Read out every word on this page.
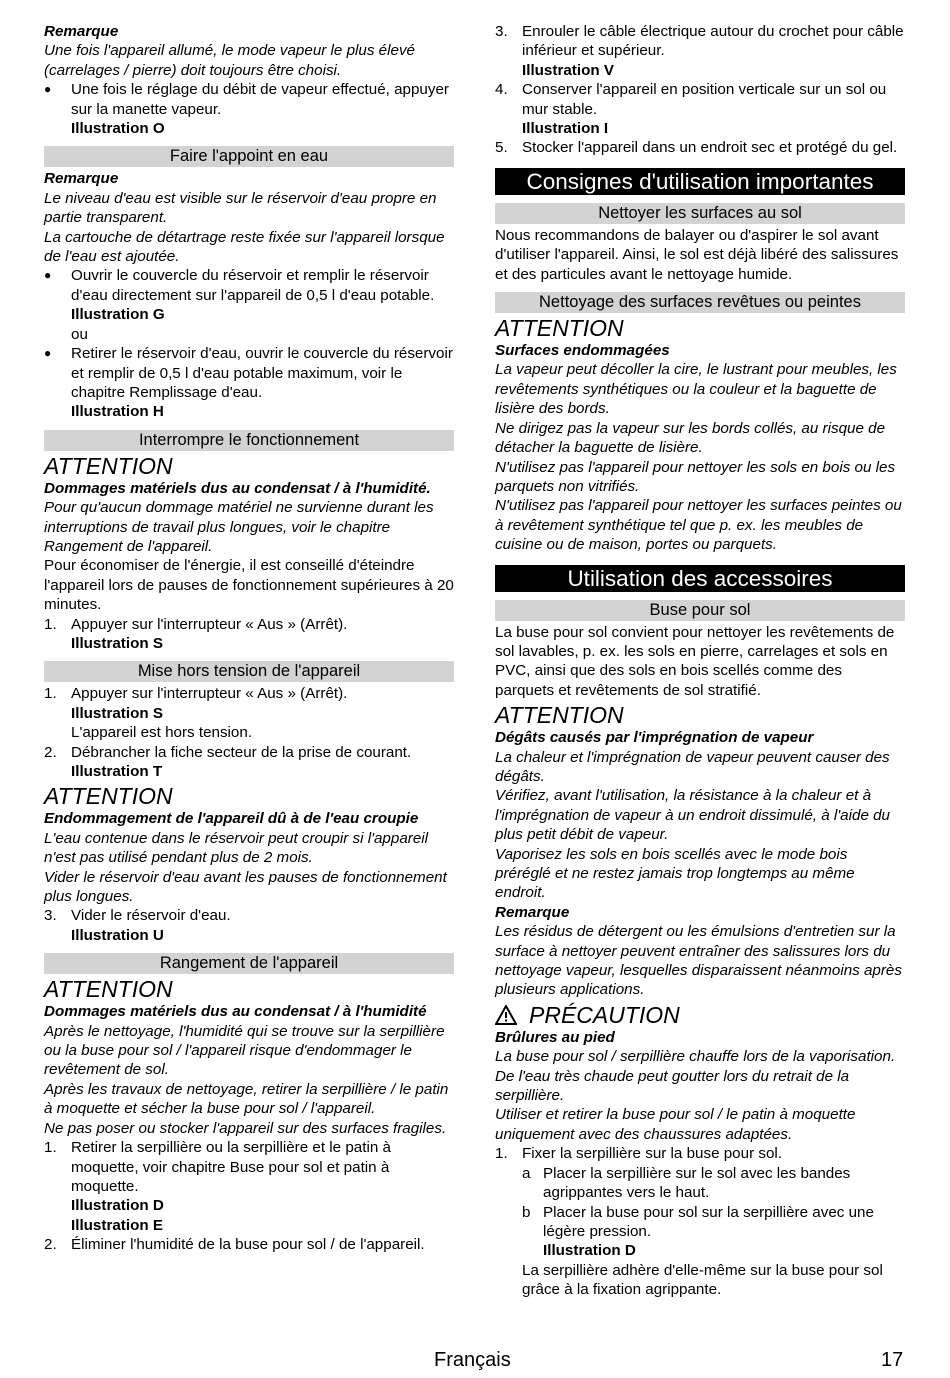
Remarque
Une fois l'appareil allumé, le mode vapeur le plus élevé (carrelages / pierre) doit toujours être choisi.
● Une fois le réglage du débit de vapeur effectué, appuyer sur la manette vapeur.
Illustration O
Faire l'appoint en eau
Remarque
Le niveau d'eau est visible sur le réservoir d'eau propre en partie transparent.
La cartouche de détartrage reste fixée sur l'appareil lorsque de l'eau est ajoutée.
● Ouvrir le couvercle du réservoir et remplir le réservoir d'eau directement sur l'appareil de 0,5 l d'eau potable.
Illustration G
ou
● Retirer le réservoir d'eau, ouvrir le couvercle du réservoir et remplir de 0,5 l d'eau potable maximum, voir le chapitre Remplissage d'eau.
Illustration H
Interrompre le fonctionnement
ATTENTION
Dommages matériels dus au condensat / à l'humidité.
Pour qu'aucun dommage matériel ne survienne durant les interruptions de travail plus longues, voir le chapitre Rangement de l'appareil.
Pour économiser de l'énergie, il est conseillé d'éteindre l'appareil lors de pauses de fonctionnement supérieures à 20 minutes.
1. Appuyer sur l'interrupteur « Aus » (Arrêt).
Illustration S
Mise hors tension de l'appareil
1. Appuyer sur l'interrupteur « Aus » (Arrêt).
Illustration S
L'appareil est hors tension.
2. Débrancher la fiche secteur de la prise de courant.
Illustration T
ATTENTION
Endommagement de l'appareil dû à de l'eau croupie
L'eau contenue dans le réservoir peut croupir si l'appareil n'est pas utilisé pendant plus de 2 mois.
Vider le réservoir d'eau avant les pauses de fonctionnement plus longues.
3. Vider le réservoir d'eau.
Illustration U
Rangement de l'appareil
ATTENTION
Dommages matériels dus au condensat / à l'humidité
Après le nettoyage, l'humidité qui se trouve sur la serpillière ou la buse pour sol / l'appareil risque d'endommager le revêtement de sol.
Après les travaux de nettoyage, retirer la serpillière / le patin à moquette et sécher la buse pour sol / l'appareil.
Ne pas poser ou stocker l'appareil sur des surfaces fragiles.
1. Retirer la serpillière ou la serpillière et le patin à moquette, voir chapitre Buse pour sol et patin à moquette.
Illustration D
Illustration E
2. Éliminer l'humidité de la buse pour sol / de l'appareil.
3. Enrouler le câble électrique autour du crochet pour câble inférieur et supérieur.
Illustration V
4. Conserver l'appareil en position verticale sur un sol ou mur stable.
Illustration I
5. Stocker l'appareil dans un endroit sec et protégé du gel.
Consignes d'utilisation importantes
Nettoyer les surfaces au sol
Nous recommandons de balayer ou d'aspirer le sol avant d'utiliser l'appareil. Ainsi, le sol est déjà libéré des salissures et des particules avant le nettoyage humide.
Nettoyage des surfaces revêtues ou peintes
ATTENTION
Surfaces endommagées
La vapeur peut décoller la cire, le lustrant pour meubles, les revêtements synthétiques ou la couleur et la baguette de lisière des bords.
Ne dirigez pas la vapeur sur les bords collés, au risque de détacher la baguette de lisière.
N'utilisez pas l'appareil pour nettoyer les sols en bois ou les parquets non vitrifiés.
N'utilisez pas l'appareil pour nettoyer les surfaces peintes ou à revêtement synthétique tel que p. ex. les meubles de cuisine ou de maison, portes ou parquets.
Utilisation des accessoires
Buse pour sol
La buse pour sol convient pour nettoyer les revêtements de sol lavables, p. ex. les sols en pierre, carrelages et sols en PVC, ainsi que des sols en bois scellés comme des parquets et revêtements de sol stratifié.
ATTENTION
Dégâts causés par l'imprégnation de vapeur
La chaleur et l'imprégnation de vapeur peuvent causer des dégâts.
Vérifiez, avant l'utilisation, la résistance à la chaleur et à l'imprégnation de vapeur à un endroit dissimulé, à l'aide du plus petit débit de vapeur.
Vaporisez les sols en bois scellés avec le mode bois préréglé et ne restez jamais trop longtemps au même endroit.
Remarque
Les résidus de détergent ou les émulsions d'entretien sur la surface à nettoyer peuvent entraîner des salissures lors du nettoyage vapeur, lesquelles disparaissent néanmoins après plusieurs applications.
PRÉCAUTION
Brûlures au pied
La buse pour sol / serpillière chauffe lors de la vaporisation.
De l'eau très chaude peut goutter lors du retrait de la serpillière.
Utiliser et retirer la buse pour sol / le patin à moquette uniquement avec des chaussures adaptées.
1. Fixer la serpillière sur la buse pour sol.
a Placer la serpillière sur le sol avec les bandes agrippantes vers le haut.
b Placer la buse pour sol sur la serpillière avec une légère pression.
Illustration D
La serpillière adhère d'elle-même sur la buse pour sol grâce à la fixation agrippante.
Français	17
